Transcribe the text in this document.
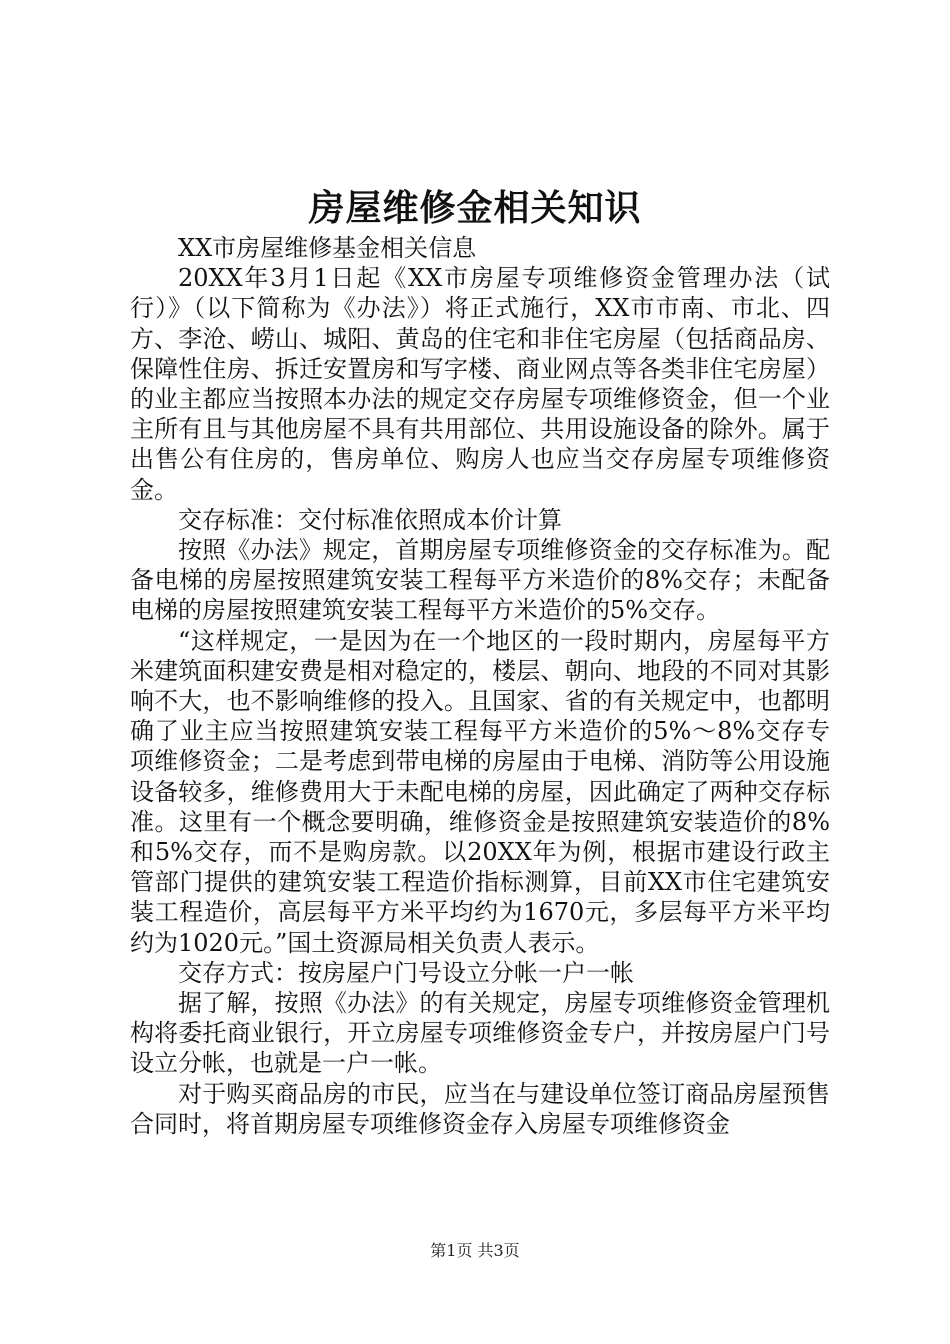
房屋维修金相关知识

XX市房屋维修基金相关信息

20XX年3月1日起《XX市房屋专项维修资金管理办法（试行）》（以下简称为《办法》）将正式施行，XX市市南、市北、四方、李沧、崂山、城阳、黄岛的住宅和非住宅房屋（包括商品房、保障性住房、拆迁安置房和写字楼、商业网点等各类非住宅房屋）的业主都应当按照本办法的规定交存房屋专项维修资金，但一个业主所有且与其他房屋不具有共用部位、共用设施设备的除外。属于出售公有住房的，售房单位、购房人也应当交存房屋专项维修资金。

交存标准：交付标准依照成本价计算

按照《办法》规定，首期房屋专项维修资金的交存标准为。配备电梯的房屋按照建筑安装工程每平方米造价的8%交存；未配备电梯的房屋按照建筑安装工程每平方米造价的5%交存。

“这样规定，一是因为在一个地区的一段时期内，房屋每平方米建筑面积建安费是相对稳定的，楼层、朝向、地段的不同对其影响不大，也不影响维修的投入。且国家、省的有关规定中，也都明确了业主应当按照建筑安装工程每平方米造价的5%～8%交存专项维修资金；二是考虑到带电梯的房屋由于电梯、消防等公用设施设备较多，维修费用大于未配电梯的房屋，因此确定了两种交存标准。这里有一个概念要明确，维修资金是按照建筑安装造价的8%和5%交存，而不是购房款。以20XX年为例，根据市建设行政主管部门提供的建筑安装工程造价指标测算，目前XX市住宅建筑安装工程造价，高层每平方米平均约为1670元，多层每平方米平均约为1020元。”国土资源局相关负责人表示。

交存方式：按房屋户门号设立分帐一户一帐

据了解，按照《办法》的有关规定，房屋专项维修资金管理机构将委托商业银行，开立房屋专项维修资金专户，并按房屋户门号设立分帐，也就是一户一帐。

对于购买商品房的市民，应当在与建设单位签订商品房屋预售合同时，将首期房屋专项维修资金存入房屋专项维修资金

第1页 共3页
